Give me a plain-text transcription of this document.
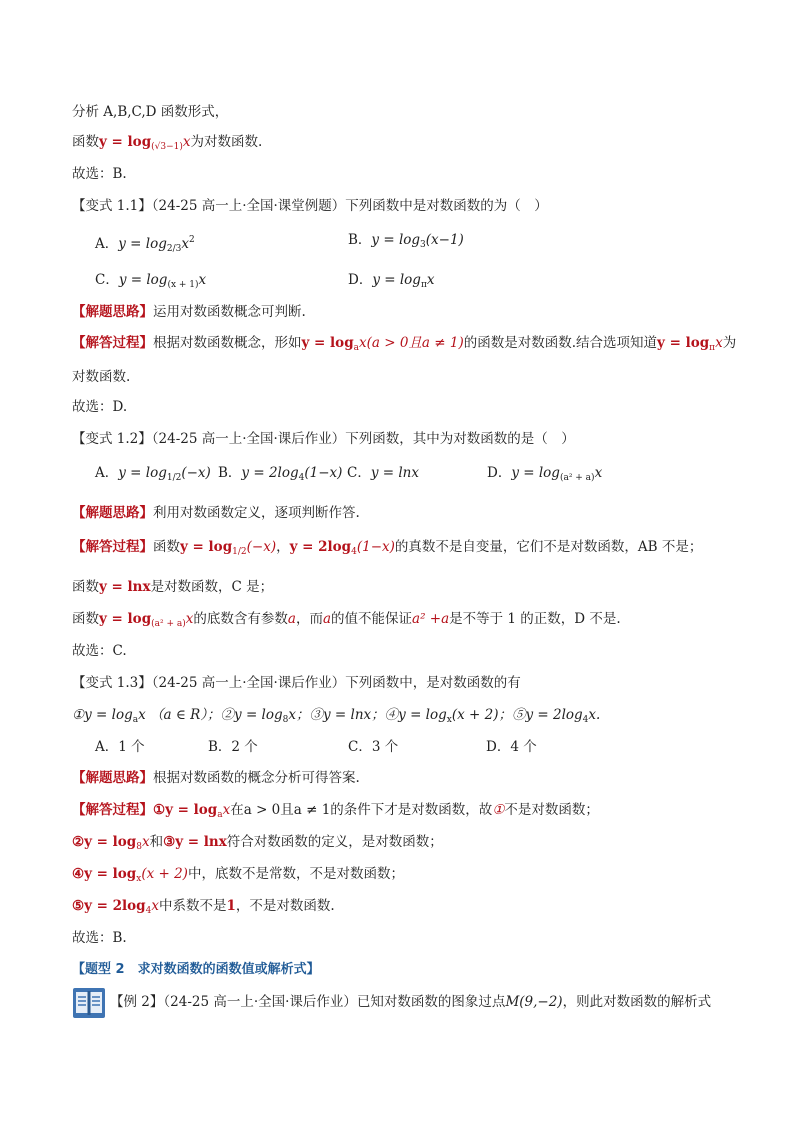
分析 A,B,C,D 函数形式，
函数$y = \log_{(√3-1)}x$为对数函数.
故选：B.
【变式 1.1】（24-25 高一上·全国·课堂例题）下列函数中是对数函数的为（　）
A．$y = \log_{2/3}x^2$	B．$y = \log_3(x-1)$
C．$y = \log_{(x + 1)}x$	D．$y = \log_\pi x$
【解题思路】运用对数函数概念可判断.
【解答过程】根据对数函数概念，形如$y = \log_ax(a > 0$且a ≠ 1)的函数是对数函数.结合选项知道$y = \log_\pi x$为
对数函数.
故选：D.
【变式 1.2】（24-25 高一上·全国·课后作业）下列函数，其中为对数函数的是（　）
A．$y = \log_{1/2}(-x)$ B．$y = 2\log_4(1-x)$ C．y = lnx	D．$y = \log_{(a^2 + a)}x$
【解题思路】利用对数函数定义，逐项判断作答.
【解答过程】函数$y = \log_{1/2}(-x)$，$y = 2\log_4(1-x)$的真数不是自变量，它们不是对数函数，AB 不是；
函数y = lnx是对数函数，C 是；
函数$y = \log_{(a^2 + a)}x$的底数含有参数a，而a的值不能保证a² +a是不等于 1 的正数，D 不是.
故选：C.
【变式 1.3】（24-25 高一上·全国·课后作业）下列函数中，是对数函数的有
①y = $\log_ax$ （a ∈ R）；②y = $\log_8x$；③y = lnx；④y = $\log_x(x + 2)$；⑤y = $2\log_4x$.
A．1 个	B．2 个	C．3 个	D．4 个
【解题思路】根据对数函数的概念分析可得答案.
【解答过程】①y = $\log_ax$在a > 0且a ≠ 1的条件下才是对数函数，故①不是对数函数；
②y = $\log_8x$和③y = lnx符合对数函数的定义，是对数函数；
④y = $\log_x(x + 2)$中，底数不是常数，不是对数函数；
⑤y = $2\log_4x$中系数不是1，不是对数函数.
故选：B.
【题型 2　求对数函数的函数值或解析式】
【例 2】（24-25 高一上·全国·课后作业）已知对数函数的图象过点M(9,−2)，则此对数函数的解析式
